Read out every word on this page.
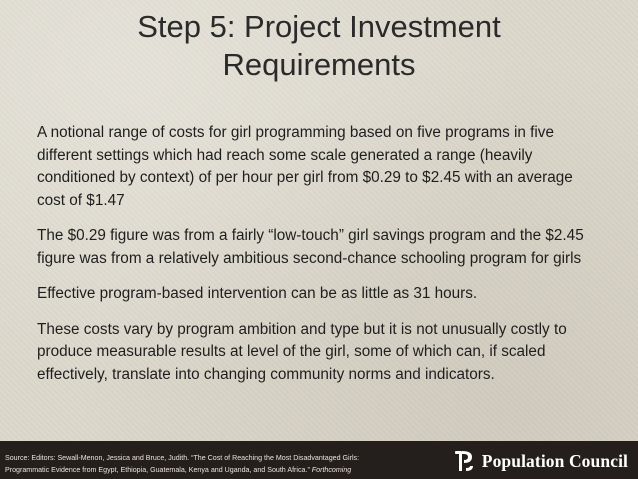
Step 5: Project Investment
Requirements

A notional range of costs for girl programming based on five programs in five different settings which had reach some scale generated a range (heavily conditioned by context) of per hour per girl from $0.29 to $2.45 with an average cost of $1.47

The $0.29 figure was from a fairly “low-touch” girl savings program and the $2.45 figure was from a relatively ambitious second-chance schooling program for girls

Effective program-based intervention can be as little as 31 hours.

These costs vary by program ambition and type but it is not unusually costly to produce measurable results at level of the girl, some of which can, if scaled effectively, translate into changing community norms and indicators.

Source: Editors: Sewall-Menon, Jessica and Bruce, Judith. “The Cost of Reaching the Most Disadvantaged Girls:
Programmatic Evidence from Egypt, Ethiopia, Guatemala, Kenya and Uganda, and South Africa.” Forthcoming	Population Council
